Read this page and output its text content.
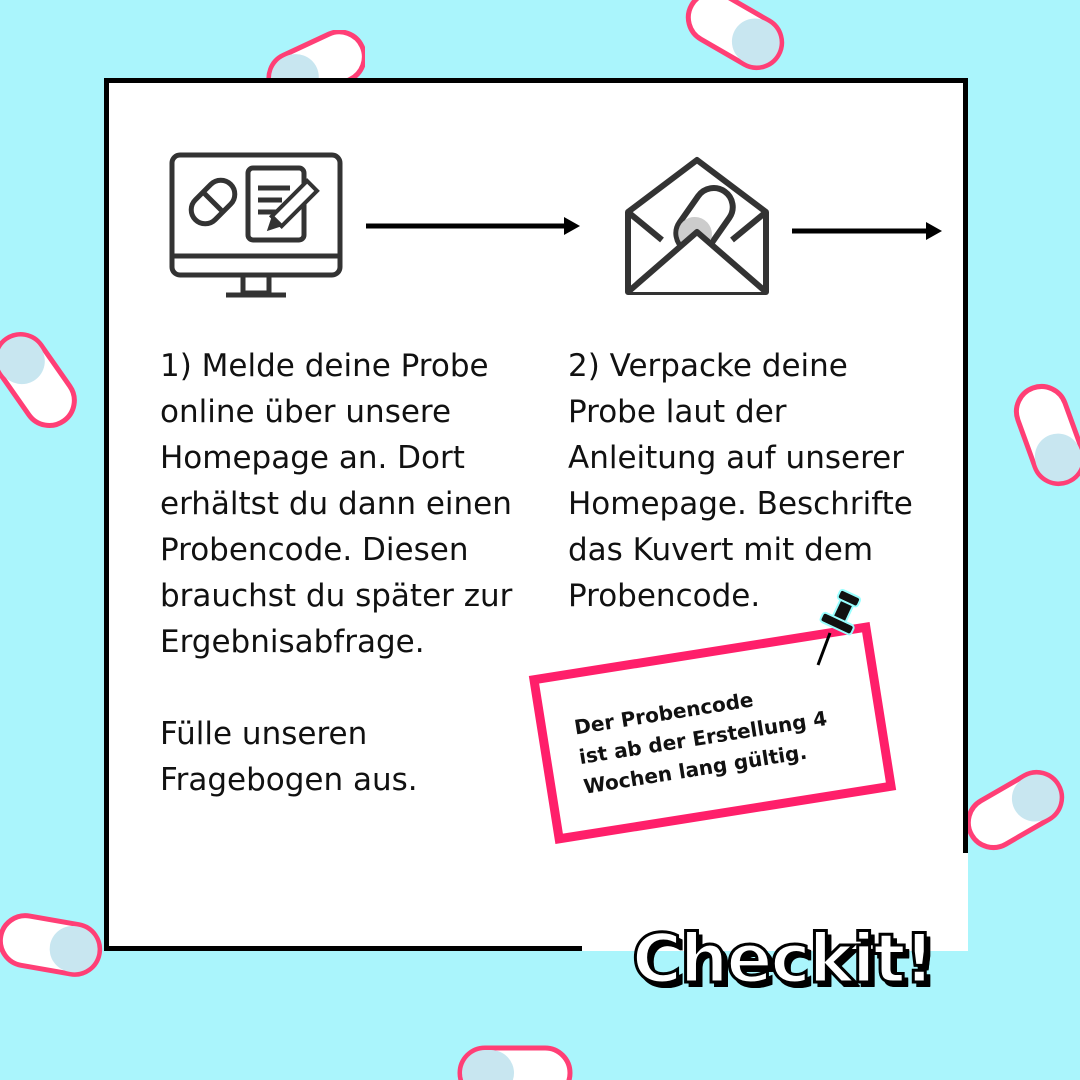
1) Melde deine Probe
online über unsere
Homepage an. Dort
erhältst du dann einen
Probencode. Diesen
brauchst du später zur
Ergebnisabfrage.

Fülle unseren
Fragebogen aus.
2) Verpacke deine
Probe laut der
Anleitung auf unserer
Homepage. Beschrifte
das Kuvert mit dem
Probencode.
Der Probencode
ist ab der Erstellung 4
Wochen lang gültig.
Checkit!
